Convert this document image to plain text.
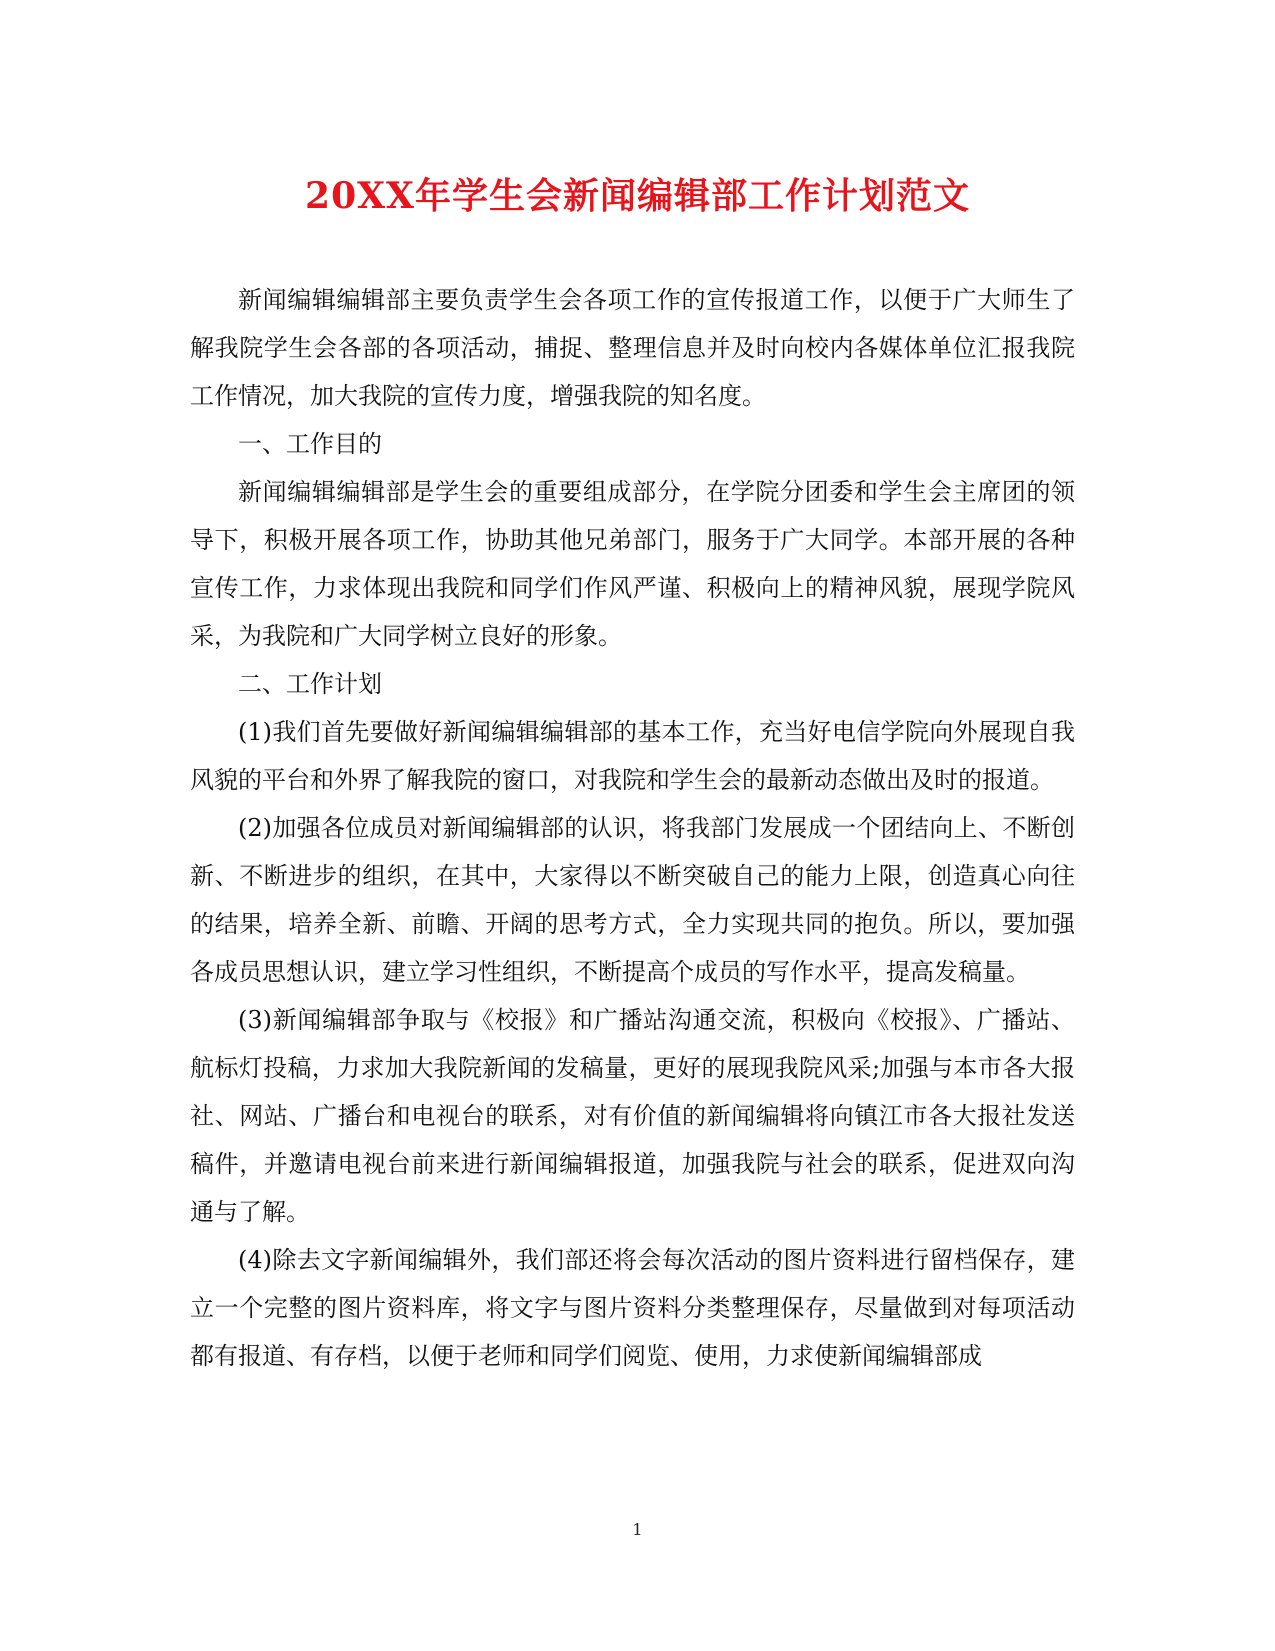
20XX年学生会新闻编辑部工作计划范文

新闻编辑编辑部主要负责学生会各项工作的宣传报道工作，以便于广大师生了解我院学生会各部的各项活动，捕捉、整理信息并及时向校内各媒体单位汇报我院工作情况，加大我院的宣传力度，增强我院的知名度。

一、工作目的

新闻编辑编辑部是学生会的重要组成部分，在学院分团委和学生会主席团的领导下，积极开展各项工作，协助其他兄弟部门，服务于广大同学。本部开展的各种宣传工作，力求体现出我院和同学们作风严谨、积极向上的精神风貌，展现学院风采，为我院和广大同学树立良好的形象。

二、工作计划

(1)我们首先要做好新闻编辑编辑部的基本工作，充当好电信学院向外展现自我风貌的平台和外界了解我院的窗口，对我院和学生会的最新动态做出及时的报道。

(2)加强各位成员对新闻编辑部的认识，将我部门发展成一个团结向上、不断创新、不断进步的组织，在其中，大家得以不断突破自己的能力上限，创造真心向往的结果，培养全新、前瞻、开阔的思考方式，全力实现共同的抱负。所以，要加强各成员思想认识，建立学习性组织，不断提高个成员的写作水平，提高发稿量。

(3)新闻编辑部争取与《校报》和广播站沟通交流，积极向《校报》、广播站、航标灯投稿，力求加大我院新闻的发稿量，更好的展现我院风采;加强与本市各大报社、网站、广播台和电视台的联系，对有价值的新闻编辑将向镇江市各大报社发送稿件，并邀请电视台前来进行新闻编辑报道，加强我院与社会的联系，促进双向沟通与了解。

(4)除去文字新闻编辑外，我们部还将会每次活动的图片资料进行留档保存，建立一个完整的图片资料库，将文字与图片资料分类整理保存，尽量做到对每项活动都有报道、有存档，以便于老师和同学们阅览、使用，力求使新闻编辑部成

1
